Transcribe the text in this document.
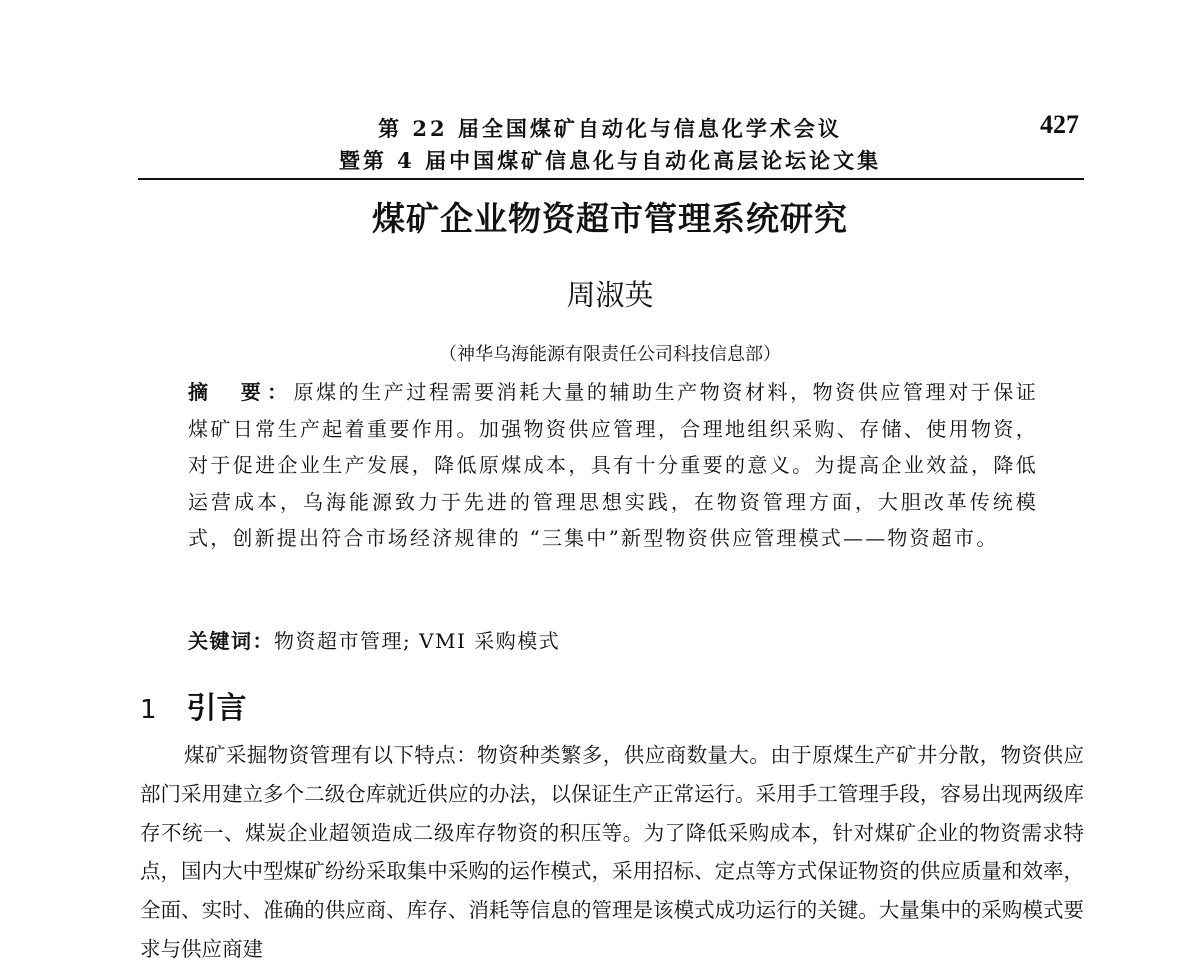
第 22 届全国煤矿自动化与信息化学术会议
暨第 4 届中国煤矿信息化与自动化高层论坛论文集
427
煤矿企业物资超市管理系统研究
周淑英
（神华乌海能源有限责任公司科技信息部）
摘　要：原煤的生产过程需要消耗大量的辅助生产物资材料，物资供应管理对于保证煤矿日常生产起着重要作用。加强物资供应管理，合理地组织采购、存储、使用物资，对于促进企业生产发展，降低原煤成本，具有十分重要的意义。为提高企业效益，降低运营成本，乌海能源致力于先进的管理思想实践，在物资管理方面，大胆改革传统模式，创新提出符合市场经济规律的 “三集中”新型物资供应管理模式——物资超市。
关键词：物资超市管理; VMI 采购模式
1 引言
煤矿采掘物资管理有以下特点：物资种类繁多，供应商数量大。由于原煤生产矿井分散，物资供应部门采用建立多个二级仓库就近供应的办法，以保证生产正常运行。采用手工管理手段，容易出现两级库存不统一、煤炭企业超领造成二级库存物资的积压等。为了降低采购成本，针对煤矿企业的物资需求特点，国内大中型煤矿纷纷采取集中采购的运作模式，采用招标、定点等方式保证物资的供应质量和效率，全面、实时、准确的供应商、库存、消耗等信息的管理是该模式成功运行的关键。大量集中的采购模式要求与供应商建
